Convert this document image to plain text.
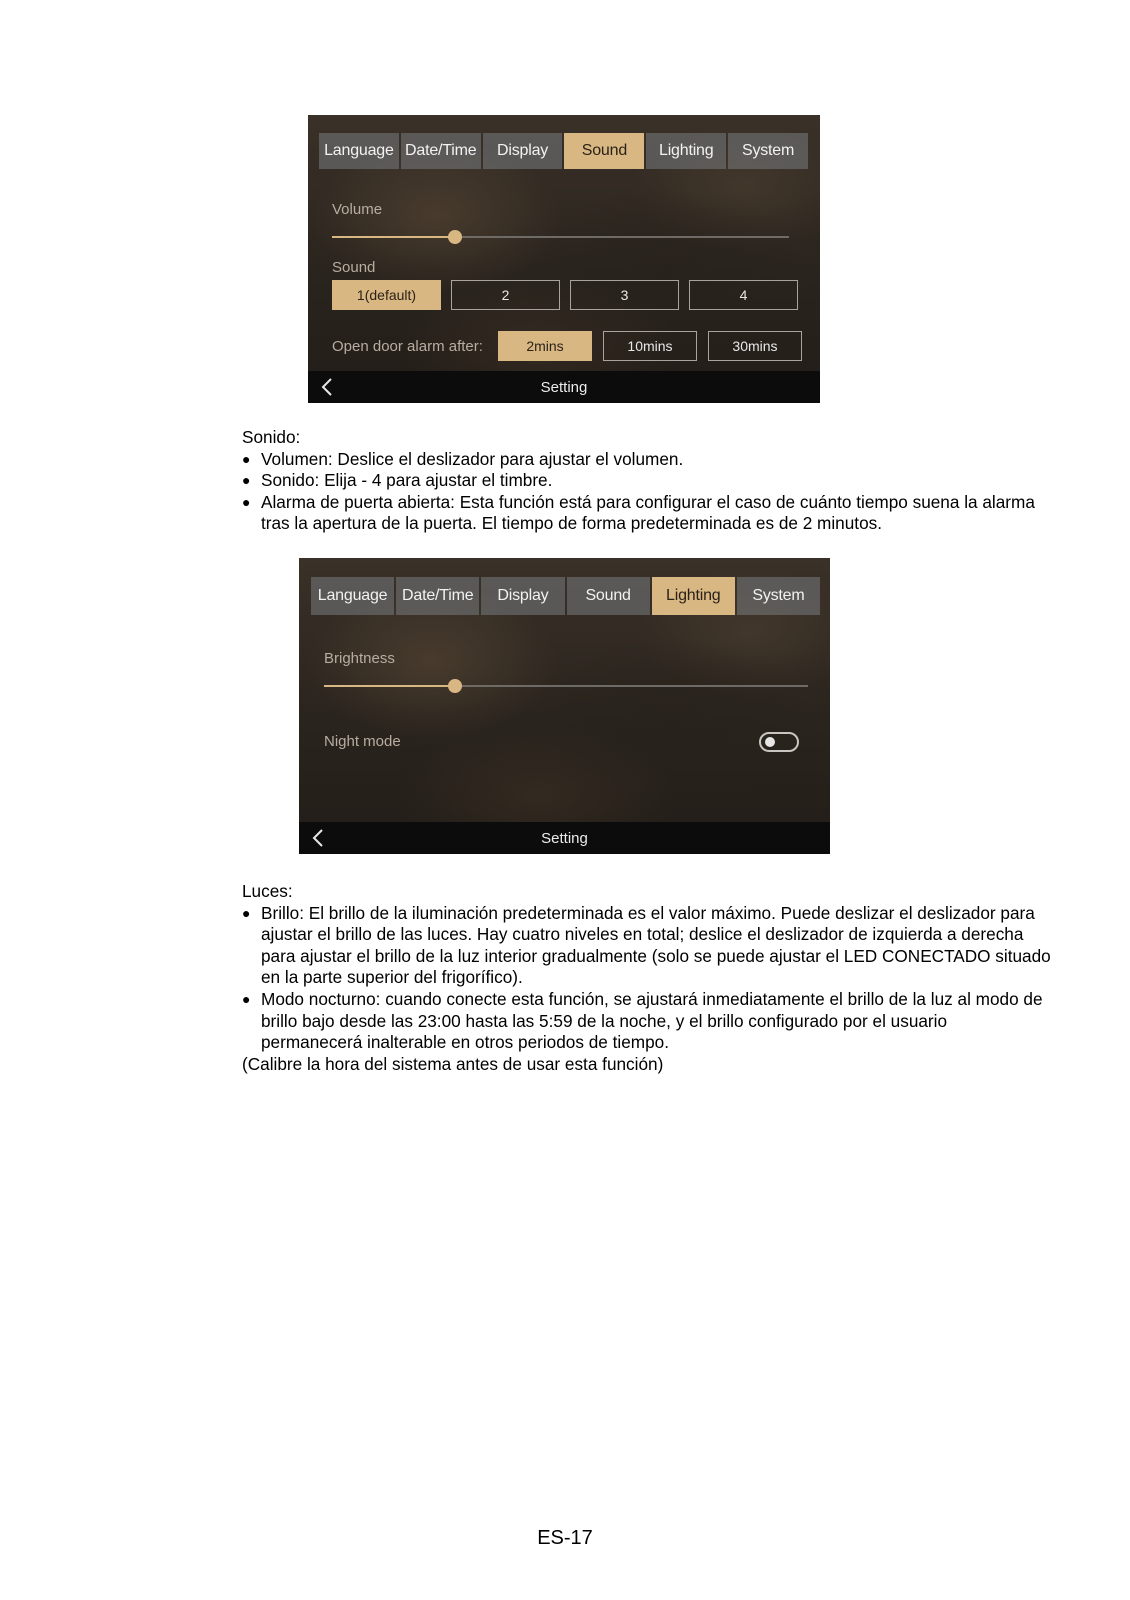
Language Date/Time	Display	Sound	Lighting	System
Volume
Sound
1(default)	2	3	4
Open door alarm after:	2mins	10mins	30mins
Setting

Sonido:

● Volumen: Deslice el deslizador para ajustar el volumen.
● Sonido: Elija - 4 para ajustar el timbre.
● Alarma de puerta abierta: Esta función está para configurar el caso de cuánto tiempo suena la alarma tras la apertura de la puerta. El tiempo de forma predeterminada es de 2 minutos.
Language Date/Time	Display	Sound	Lighting	System
Brightness
Night mode
Setting

Luces:

● Brillo: El brillo de la iluminación predeterminada es el valor máximo. Puede deslizar el deslizador para ajustar el brillo de las luces. Hay cuatro niveles en total; deslice el deslizador de izquierda a derecha para ajustar el brillo de la luz interior gradualmente (solo se puede ajustar el LED CONECTADO situado en la parte superior del frigorífico).
● Modo nocturno: cuando conecte esta función, se ajustará inmediatamente el brillo de la luz al modo de brillo bajo desde las 23:00 hasta las 5:59 de la noche, y el brillo configurado por el usuario permanecerá inalterable en otros periodos de tiempo.

(Calibre la hora del sistema antes de usar esta función)

ES-17
